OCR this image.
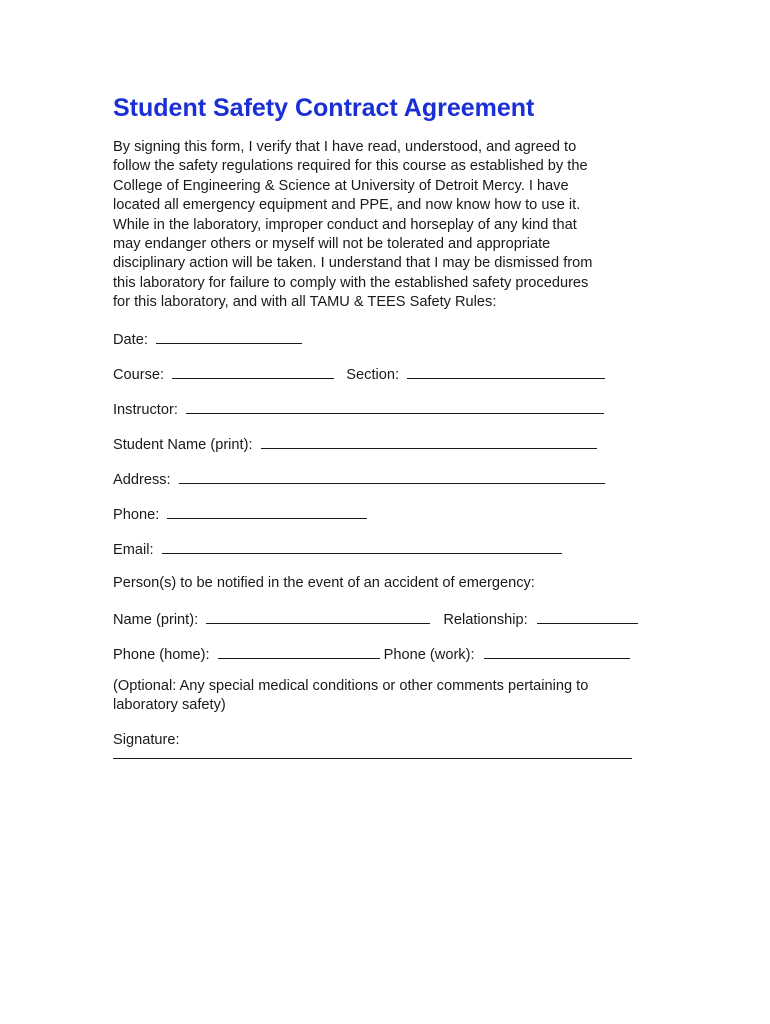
Student Safety Contract Agreement
By signing this form, I verify that I have read, understood, and agreed to
follow the safety regulations required for this course as established by the
College of Engineering & Science at University of Detroit Mercy. I have
located all emergency equipment and PPE, and now know how to use it.
While in the laboratory, improper conduct and horseplay of any kind that
may endanger others or myself will not be tolerated and appropriate
disciplinary action will be taken. I understand that I may be dismissed from
this laboratory for failure to comply with the established safety procedures
for this laboratory, and with all TAMU & TEES Safety Rules:
Date:
Course:	Section:
Instructor:
Student Name (print):
Address:
Phone:
Email:
Person(s) to be notified in the event of an accident of emergency:
Name (print):	Relationship:
Phone (home):	Phone (work):
(Optional: Any special medical conditions or other comments pertaining to
laboratory safety)
Signature:
